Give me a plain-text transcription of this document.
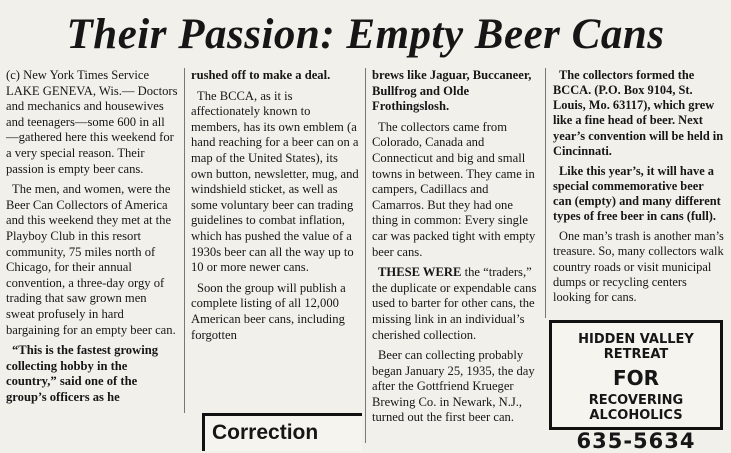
Their Passion: Empty Beer Cans

(c) New York Times Service LAKE GENEVA, Wis.— Doctors and mechanics and housewives and teenagers—some 600 in all —gathered here this weekend for a very special reason. Their passion is empty beer cans.

The men, and women, were the Beer Can Collectors of America and this weekend they met at the Playboy Club in this resort community, 75 miles north of Chicago, for their annual convention, a three-day orgy of trading that saw grown men sweat profusely in hard bargaining for an empty beer can.

“This is the fastest growing collecting hobby in the country,” said one of the group’s officers as he

rushed off to make a deal.

The BCCA, as it is affectionately known to members, has its own emblem (a hand reaching for a beer can on a map of the United States), its own button, newsletter, mug, and windshield sticket, as well as some voluntary beer can trading guidelines to combat inflation, which has pushed the value of a 1930s beer can all the way up to 10 or more newer cans.

Soon the group will publish a complete listing of all 12,000 American beer cans, including forgotten

brews like Jaguar, Buccaneer, Bullfrog and Olde Frothingslosh.

The collectors came from Colorado, Canada and Connecticut and big and small towns in between. They came in campers, Cadillacs and Camarros. But they had one thing in common: Every single car was packed tight with empty beer cans.

THESE WERE the “traders,” the duplicate or expendable cans used to barter for other cans, the missing link in an individual’s cherished collection.

Beer can collecting probably began January 25, 1935, the day after the Gottfriend Krueger Brewing Co. in Newark, N.J., turned out the first beer can.

The collectors formed the BCCA. (P.O. Box 9104, St. Louis, Mo. 63117), which grew like a fine head of beer. Next year’s convention will be held in Cincinnati.

Like this year’s, it will have a special commemorative beer can (empty) and many different types of free beer in cans (full).

One man’s trash is another man’s treasure. So, many collectors walk country roads or visit municipal dumps or recycling centers looking for cans.

HIDDEN VALLEY RETREAT
FOR
RECOVERING ALCOHOLICS
635-5634
Correction
